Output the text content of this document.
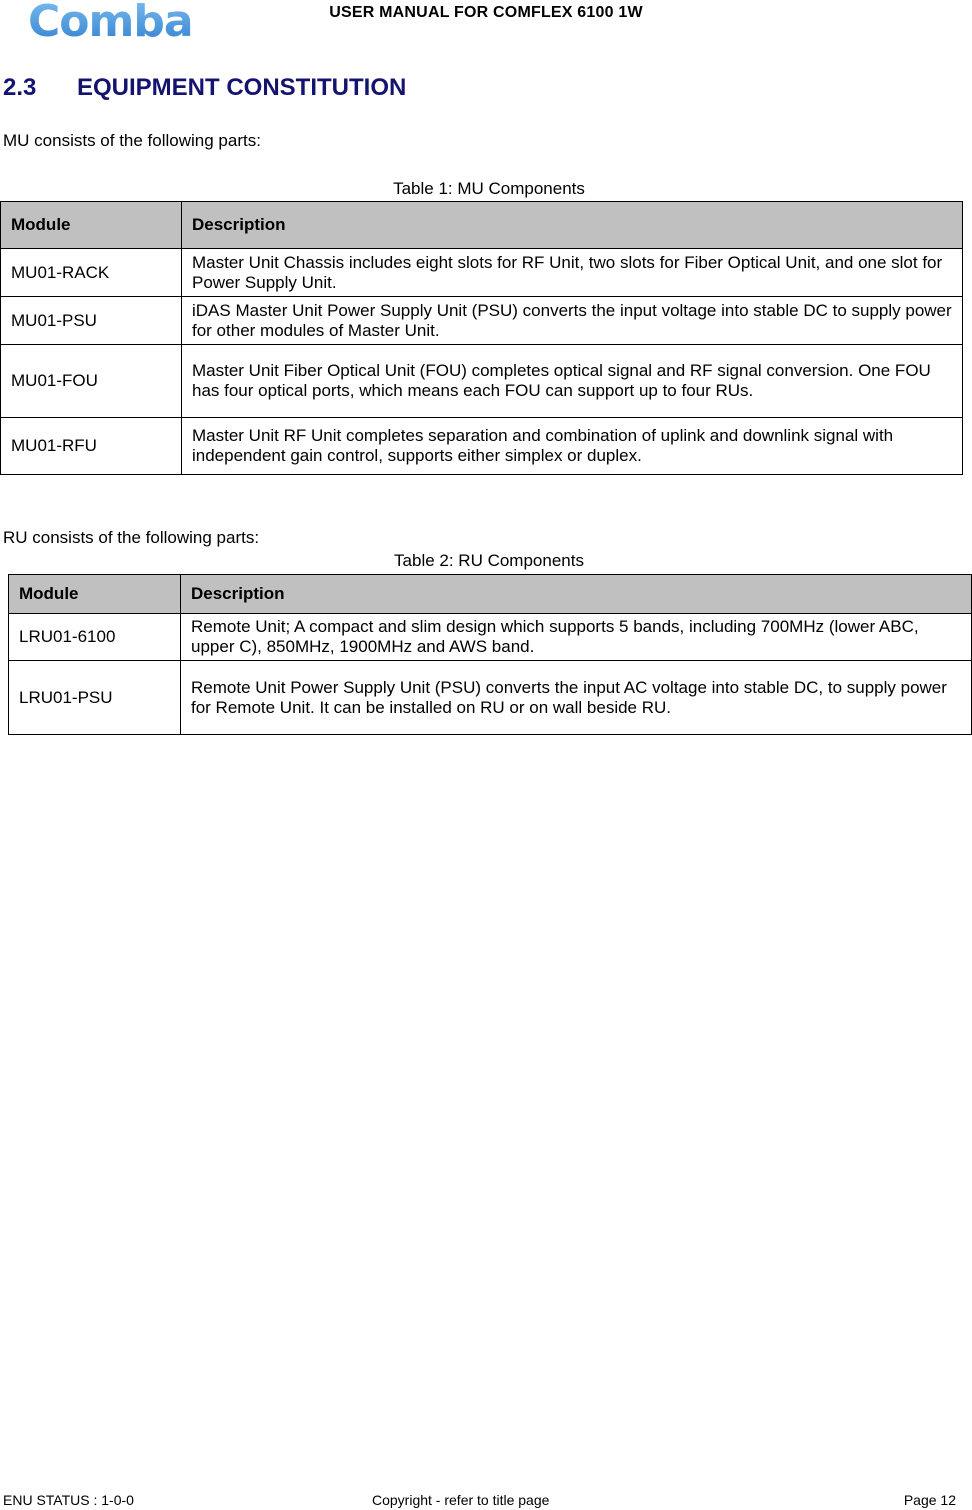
Comba	USER MANUAL FOR COMFLEX 6100 1W
2.3 EQUIPMENT CONSTITUTION
MU consists of the following parts:
Table 1: MU Components
Module	Description
MU01-RACK	Master Unit Chassis includes eight slots for RF Unit, two slots for Fiber Optical Unit, and one slot for Power Supply Unit.
MU01-PSU	iDAS Master Unit Power Supply Unit (PSU) converts the input voltage into stable DC to supply power for other modules of Master Unit.
MU01-FOU	Master Unit Fiber Optical Unit (FOU) completes optical signal and RF signal conversion. One FOU has four optical ports, which means each FOU can support up to four RUs.
MU01-RFU	Master Unit RF Unit completes separation and combination of uplink and downlink signal with independent gain control, supports either simplex or duplex.
RU consists of the following parts:
Table 2: RU Components
Module	Description
LRU01-6100	Remote Unit; A compact and slim design which supports 5 bands, including 700MHz (lower ABC, upper C), 850MHz, 1900MHz and AWS band.
LRU01-PSU	Remote Unit Power Supply Unit (PSU) converts the input AC voltage into stable DC, to supply power for Remote Unit. It can be installed on RU or on wall beside RU.
ENU STATUS : 1-0-0	Copyright - refer to title page	Page 12
